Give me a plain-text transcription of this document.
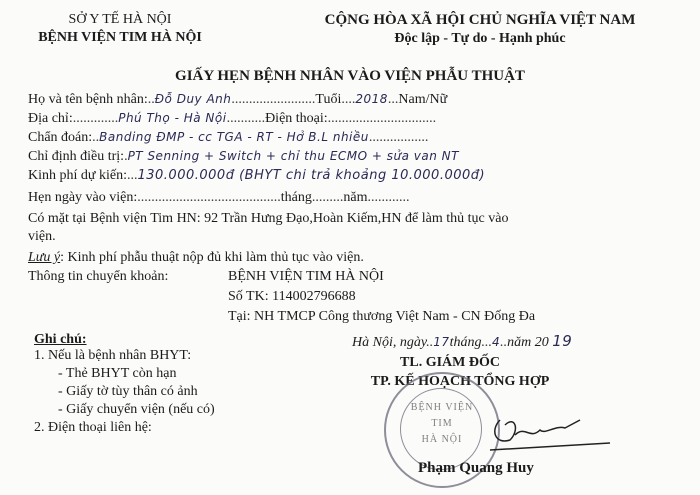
SỞ Y TẾ HÀ NỘI
BỆNH VIỆN TIM HÀ NỘI
CỘNG HÒA XÃ HỘI CHỦ NGHĨA VIỆT NAM
Độc lập - Tự do - Hạnh phúc
GIẤY HẸN BỆNH NHÂN VÀO VIỆN PHẪU THUẬT
Họ và tên bệnh nhân:..Đỗ Duy Anh........................Tuổi....2018...Nam/Nữ
Địa chỉ:.............Phú Thọ - Hà Nội...........Điện thoại:...............................
Chẩn đoán:..Banding ĐMP - cc TGA - RT - Hở B.L nhiều.................
Chỉ định điều trị:.PT Senning + Switch + chỉ thu ECMO + sửa van NT
Kinh phí dự kiến:...130.000.000đ (BHYT chi trả khoảng 10.000.000đ)
Hẹn ngày vào viện:.........................................tháng.........năm............
Có mặt tại Bệnh viện Tim HN: 92 Trần Hưng Đạo,Hoàn Kiếm,HN để làm thủ tục vào
viện.
Lưu ý: Kinh phí phẫu thuật nộp đủ khi làm thủ tục vào viện.
Thông tin chuyển khoản:	BỆNH VIỆN TIM HÀ NỘI
Số TK: 114002796688
Tại: NH TMCP Công thương Việt Nam - CN Đống Đa
Ghi chú:
1. Nếu là bệnh nhân BHYT:
- Thẻ BHYT còn hạn
- Giấy tờ tùy thân có ảnh
- Giấy chuyển viện (nếu có)
2. Điện thoại liên hệ:
Hà Nội, ngày..17tháng...4..năm 20 19
TL. GIÁM ĐỐC
TP. KẾ HOẠCH TỔNG HỢP
BỆNH VIỆN
TIM
HÀ NỘI
Phạm Quang Huy
